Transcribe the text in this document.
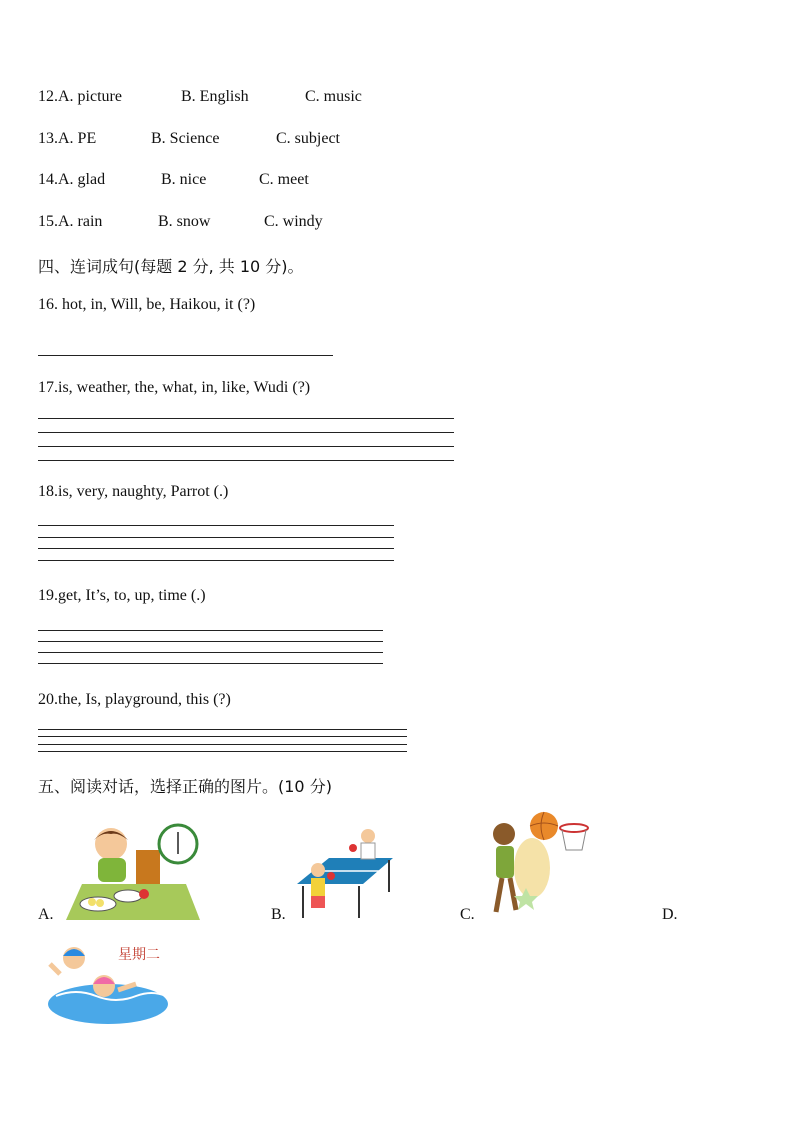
12.A. picture	B. English	C. music
13.A. PE	B. Science	C. subject
14.A. glad	B. nice	C. meet
15.A. rain	B. snow	C. windy
四、连词成句(每题 2 分, 共 10 分)。
16. hot, in, Will, be, Haikou, it (?)
17.is, weather, the, what, in, like, Wudi (?)
18.is, very, naughty, Parrot (.)
19.get, It’s, to, up, time (.)
20.the, Is, playground, this (?)
五、阅读对话，选择正确的图片。(10 分)
A.	B.	C.	D.
星期二
